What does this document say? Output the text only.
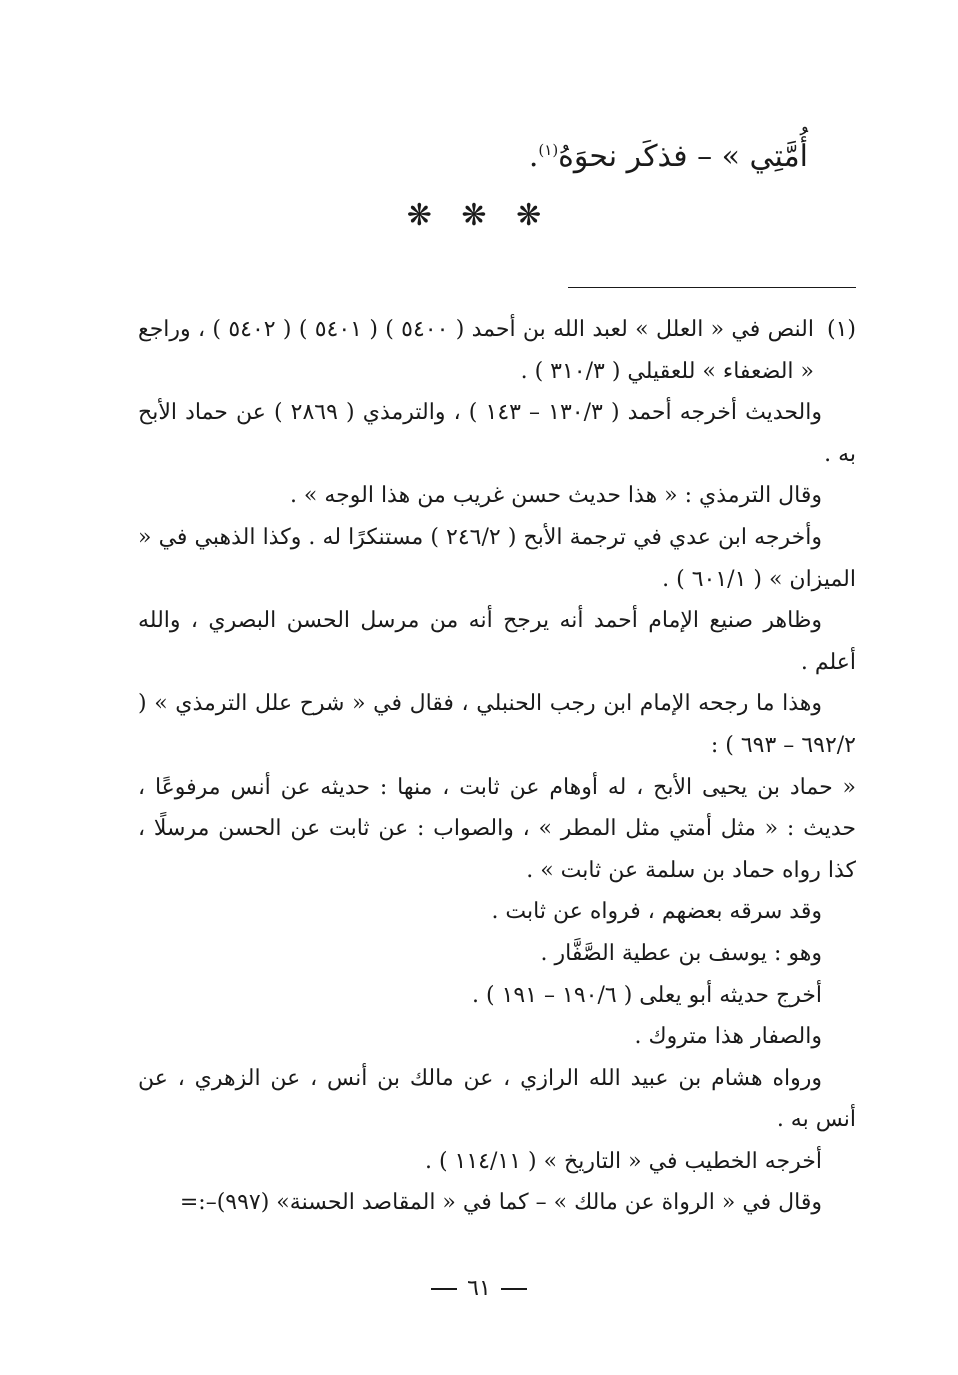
أُمَّتِي » – فذكَر نحوَهُ$^{(١)}$.
❋ ❋ ❋

(١)النص في « العلل » لعبد الله بن أحمد ( ٥٤٠٠ ) ( ٥٤٠١ ) ( ٥٤٠٢ ) ، وراجع « الضعفاء » للعقيلي ( ٣١٠/٣ ) .

والحديث أخرجه أحمد ( ١٣٠/٣ – ١٤٣ ) ، والترمذي ( ٢٨٦٩ ) عن حماد الأبح به .

وقال الترمذي : « هذا حديث حسن غريب من هذا الوجه » .

وأخرجه ابن عدي في ترجمة الأبح ( ٢٤٦/٢ ) مستنكرًا له . وكذا الذهبي في « الميزان » ( ٦٠١/١ ) .

وظاهر صنيع الإمام أحمد أنه يرجح أنه من مرسل الحسن البصري ، والله أعلم .

وهذا ما رجحه الإمام ابن رجب الحنبلي ، فقال في « شرح علل الترمذي » ( ٦٩٢/٢ – ٦٩٣ ) :

« حماد بن يحيى الأبح ، له أوهام عن ثابت ، منها : حديثه عن أنس مرفوعًا ، حديث : « مثل أمتي مثل المطر » ، والصواب : عن ثابت عن الحسن مرسلًا ، كذا رواه حماد بن سلمة عن ثابت » .

وقد سرقه بعضهم ، فرواه عن ثابت .

وهو : يوسف بن عطية الصَّفَّار .

أخرج حديثه أبو يعلى ( ١٩٠/٦ – ١٩١ ) .

والصفار هذا متروك .

ورواه هشام بن عبيد الله الرازي ، عن مالك بن أنس ، عن الزهري ، عن أنس به .

أخرجه الخطيب في « التاريخ » ( ١١٤/١١ ) .

وقال في « الرواة عن مالك » – كما في « المقاصد الحسنة» (٩٩٧)–:=

٦١
